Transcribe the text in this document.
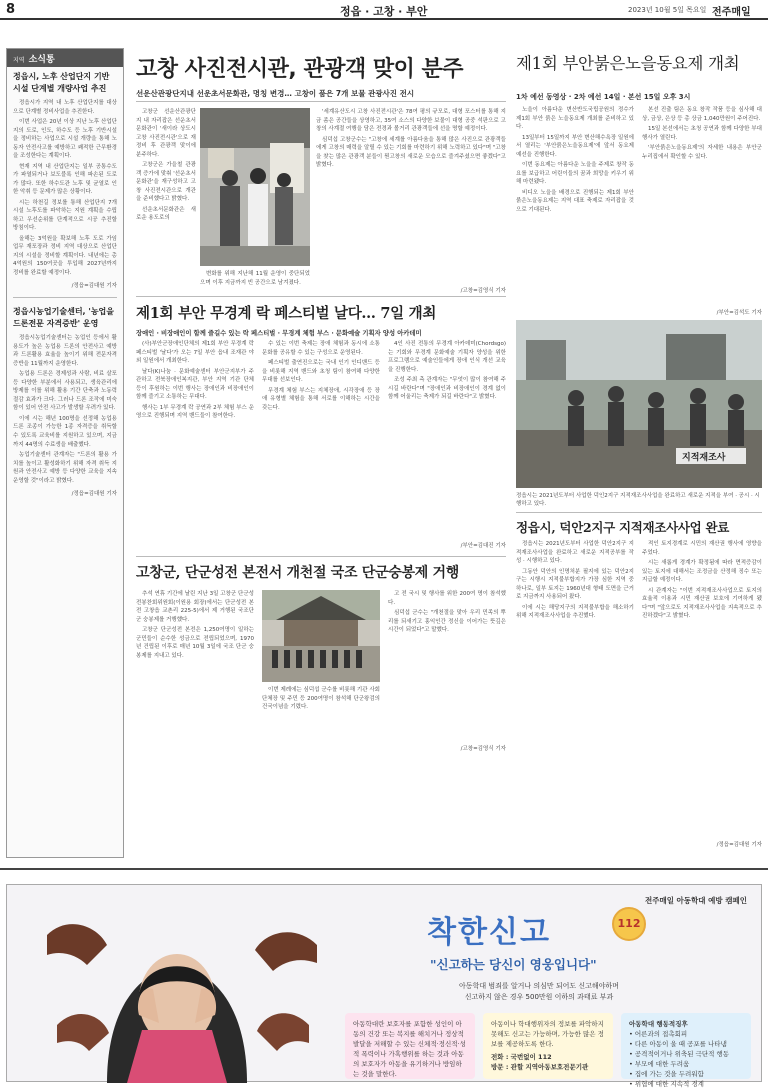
8	정읍 · 고창 · 부안	2023년 10월 5일 목요일 전주매일
지역 소식통
정읍시, 노후 산업단지 기반시설 단계별 개량사업 추진

정읍시가 지역 내 노후 산업단지를 대상으로 단계별 정비사업을 추진한다.

이번 사업은 20년 이상 지난 노후 산업단지의 도로, 인도, 하수도 등 노후 기반시설을 정비하는 사업으로 시설 개량을 통해 노동자 안전사고를 예방하고 쾌적한 근무환경을 조성한다는 계획이다.

현재 지역 내 산업단지는 일부 공통수도가 파열되거나 보도블록 인해 파손된 도로가 많다. 또한 하수도관 노후 및 균열로 인한 악취 등 문제가 많은 상황이다.

시는 하천길 정보를 통해 산업단지 7개 시설 노후도를 파악하는 지원 계획을 수립하고 우선순위를 단계적으로 시공 추진할 방침이다.

올해는 3억원을 확보해 노후 도로 가임 업무 재포장과 정비 지역 대상으로 산업단지의 시설을 정비할 계획이다. 내년에는 총 4억원의 150여곳을 투입해 2027년까지 정비를 완료할 예정이다.

/정읍=김대원 기자
정읍시농업기술센터, '농업을 드론전문 자격증반' 운영

정읍시농업기술센터는 농업인 등에서 활용도가 높은 농업용 드론의 안전사고 예방과 드론활용 효율을 높이기 위해 전문자격증반을 11월까지 운영한다.

농업용 드론은 경제성과 사람, 비료 살포 등 다양한 부분에서 사용되고, 생육관리에 방제를 이를 위해 활용 기간 단축과 노동력 절감 효과가 크다. 그러나 드론 조작에 미숙함이 있어 안전 사고가 발생할 우려가 있다.

이에 시는 해년 100명을 선정해 농업용 드론 조종이 가능한 1종 자격증을 취득할 수 있도록 교육비를 지원하고 있으며, 지금까지 44명의 수료생을 배출했다.

농업기술센터 관계자는 "드론의 활용 가치를 높이고 활성화하기 위해 자격 취득 지원과 안전사고 예방 등 다양한 교육을 지속 운영할 것"이라고 밝혔다.

/정읍=김대원 기자
고창 사진전시관, 관광객 맞이 분주
선운산관광단지내 선운초서문화관, 명칭 변경… 고창이 품은 7개 보물 관광사진 전시

고창군 선운산관광단지 내 자리잡은 선운초서문화관이 '새이라 상도시 고창 사진전시관'으로 재정비 후 관광객 맞이에 분주하다.

고창군은 가을철 관광객 증가에 맞춰 '선운초서문화관'을 재구성하고 고창 사진전시관으로 개관을 준비했다고 밝혔다.

선운초서문화관은 새로운 용도로의

변화를 위해 지난해 11월 운영이 중단되었으며 이후 지금까지 빈 공간으로 남겨졌다.

'세계유산도시 고창 사진전시관'은 78여 평의 규모로, 대형 포스터를 통해 지금 좀은 공간들을 상영하고, 35여 소스의 다양한 보물이 대형 공중 석판으로 고창의 사계절 여행을 담은 전경과 볼거리 관광객들에 선을 명할 예정이다.

심덕섭 고창군수는 "고창에 세계를 아름다움을 통해 많은 사진으로 관광객들에게 고창의 매력을 알릴 수 있는 기회를 마련하기 위해 노력하고 있다"며 "고창을 찾는 많은 관광객 분들이 뭔고창의 새로운 모습으로 즐겨주셨으면 좋겠다"고 밝혔다.

/고창=김영식 기자
제1회 부안 무경계 락 페스티벌 날다… 7일 개최
장애인 · 비장애인이 함께 즐길수 있는 락 페스티벌 · 무경계 체험 부스 · 문화예술 기획자 양성 아카데미

(사)부안군장애인단체의 제1회 부안 무경계 락 페스티벌 '날다'가 오는 7일 부안 읍내 조재관 야외 일원에서 개최한다.

날다(K)나눔 · 문화예술센터 부안군지부가 주관하고 전북장애인복지관, 부안 지역 기관 단체 등이 후원하는 이번 행사는 장애인과 비장애인이 함께 즐기고 소통하는 무대다.

행사는 1부 무경계 락 공연과 2부 체험 부스 운영으로 진행되며 지역 밴드들이 참여한다.

수 있는 이번 축제는 장애 체험과 동시에 소통 문화를 공유할 수 있는 구성으로 운영된다.

페스티벌 출연진으로는 국내 인기 인디밴드 등을 비롯해 지역 밴드와 초청 팀이 참여해 다양한 무대를 선보인다.

무경계 체험 부스는 지체장애, 시각장애 등 장애 유형별 체험을 통해 서로를 이해하는 시간을 갖는다.

4인 사진 전통의 무경계 아카데미(Chordsgo)는 기회와 무경계 문화예술 기획자 양성을 위한 프로그램으로 예술인들에게 장애 인식 개선 교육을 진행한다.

조성 주최 측 관계자는 "무엇이 많이 참여해 주시길 바란다"며 "장애인과 비장애인이 경계 없이 함께 어울리는 축제가 되길 바란다"고 밝혔다.

/부안=김대진 기자
고창군, 단군성전 본전서 개천절 국조 단군숭봉제 거행

추석 연휴 기간에 날린 지난 3일 고창군 단군성전봉찬회위원회(이원용 회장)에서는 단군성전 본전 고창읍 교촌리 225-5)에서 제 거행된 국조단군 숭봉제를 거행했다.

고창군 단군성전 본전은 1,250여명이 일하는 군민들이 순수한 성금으로 전립되었으며, 1970년 건립된 이후로 매년 10월 3일에 국조 단군 숭봉제를 지내고 있다.

이번 제례에는 심덕섭 군수를 비롯해 기관 사회단체장 및 주민 등 200여명이 참석해 단군왕검의 건국이념을 기렸다.

고 전 국시 및 행사를 위한 200여 명이 참석했다.

심덕섭 군수는 "개천절을 맞아 우리 민족의 뿌리를 되새기고 홍익인간 정신을 이어가는 뜻깊은 시간이 되었다"고 말했다.

/고창=김영식 기자
제1회 부안붉은노을동요제 개최
1차 예선 동영상 · 2차 예선 14일 · 본선 15일 오후 3시

노을이 아름다운 변산반도국립공원의 정수가 제1회 부안 붉은 노을동요제 개최를 준비하고 있다.

13일부터 15일까지 부안 변산해수욕장 일원에서 열리는 '부안붉은노을동요제'에 앞서 동요제 예선을 진행한다.

이번 동요제는 아름다운 노을을 주제로 창작 동요를 보급하고 어린이들의 꿈과 희망을 키우기 위해 마련됐다.

비디오 노을을 배경으로 진행되는 제1회 부안붉은노을동요제는 지역 대표 축제로 자리잡을 것으로 기대된다.

본선 진출 팀은 동요 창작 작품 등을 심사해 대상, 금상, 은상 등 총 상금 1,040만원이 주어진다.

15일 본선에서는 초청 공연과 함께 다양한 부대행사가 열린다.

'부안붉은노을동요제'의 자세한 내용은 부안군 누리집에서 확인할 수 있다.

/부안=김석도 기자
지적재조사
정읍시는 2021년도부터 사업한 덕인2지구 지적재조사사업을 완료하고 새로운 지적을 부여 · 공시 · 시행하고 있다.
정읍시, 덕안2지구 지적재조사사업 완료

정읍시는 2021년도부터 사업한 덕안2지구 지적재조사사업을 완료하고 새로운 지적공부를 작성 · 시행하고 있다.

그동안 덕안의 인명처분 필지에 있는 덕안2지구는 시행시 지적불부합지가 가장 심한 지역 중 하나로, 일부 토지는 1960년대 형태 도면을 근거로 지금까지 사용되어 왔다.

이에 시는 해당지구의 지적불부합을 해소하기 위해 지적재조사사업을 추진했다.

적인 토지경계로 시민의 재산권 행사에 영향을 주었다.

시는 새롭게 경계가 확정됨에 따라 면적증감이 있는 토지에 대해서는 조정금을 산정해 징수 또는 지급할 예정이다.

시 관계자는 "이번 지적재조사사업으로 토지의 효율적 이용과 시민 재산권 보호에 기여하게 됐다"며 "앞으로도 지적재조사사업을 지속적으로 추진하겠다"고 밝혔다.

/정읍=김대원 기자
전주매일 아동학대 예방 캠페인
착한신고	112
"신고하는 당신이 영웅입니다"
아동학대 범죄를 알거나 의심만 되어도 신고해야하며
신고하지 않은 경우 500만원 이하의 과태료 부과
아동학대란 보호자를 포함한 성인이 아동의 건강 또는 복지를 해치거나 정상적 발달을 저해할 수 있는 신체적·정신적·성적 폭력이나 가혹행위를 하는 것과 아동의 보호자가 아동을 유기하거나 방임하는 것을 말한다.
아동이나 학대행위자의 정보를 파악하지 못해도 신고는 가능하며, 가능한 많은 정보를 제공하도록 한다.
전화 : 국번없이 112
방문 : 관할 지역아동보호전문기관
아동학대 행동적징후
• 어른과의 접촉회피
• 다른 아동이 울 때 공포를 나타냄
• 공격적이거나 위축된 극단적 행동
• 부모에 대한 두려움
• 집에 가는 것을 두려워함
• 위협에 대한 지속적 경계
